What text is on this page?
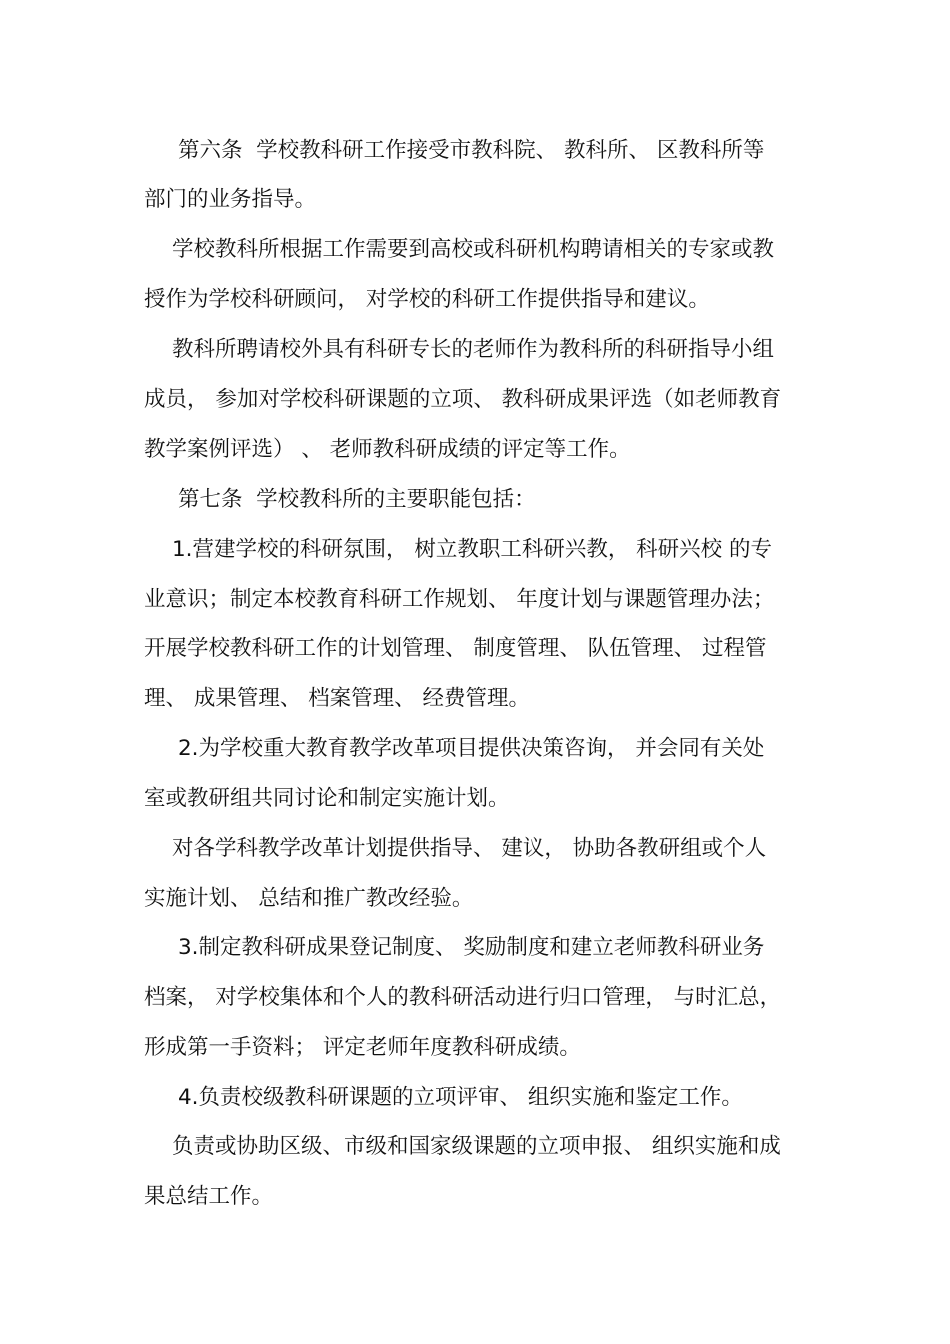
第六条  学校教科研工作接受市教科院、 教科所、 区教科所等
部门的业务指导。
学校教科所根据工作需要到高校或科研机构聘请相关的专家或教
授作为学校科研顾问， 对学校的科研工作提供指导和建议。
教科所聘请校外具有科研专长的老师作为教科所的科研指导小组
成员， 参加对学校科研课题的立项、 教科研成果评选（如老师教育
教学案例评选） 、 老师教科研成绩的评定等工作。
第七条  学校教科所的主要职能包括：
1.营建学校的科研氛围， 树立教职工科研兴教， 科研兴校 的专
业意识；制定本校教育科研工作规划、 年度计划与课题管理办法；
开展学校教科研工作的计划管理、 制度管理、 队伍管理、 过程管
理、 成果管理、 档案管理、 经费管理。
2.为学校重大教育教学改革项目提供决策咨询， 并会同有关处
室或教研组共同讨论和制定实施计划。
对各学科教学改革计划提供指导、 建议， 协助各教研组或个人
实施计划、 总结和推广教改经验。
3.制定教科研成果登记制度、 奖励制度和建立老师教科研业务
档案， 对学校集体和个人的教科研活动进行归口管理， 与时汇总，
形成第一手资料； 评定老师年度教科研成绩。
4.负责校级教科研课题的立项评审、 组织实施和鉴定工作。
负责或协助区级、市级和国家级课题的立项申报、 组织实施和成
果总结工作。
